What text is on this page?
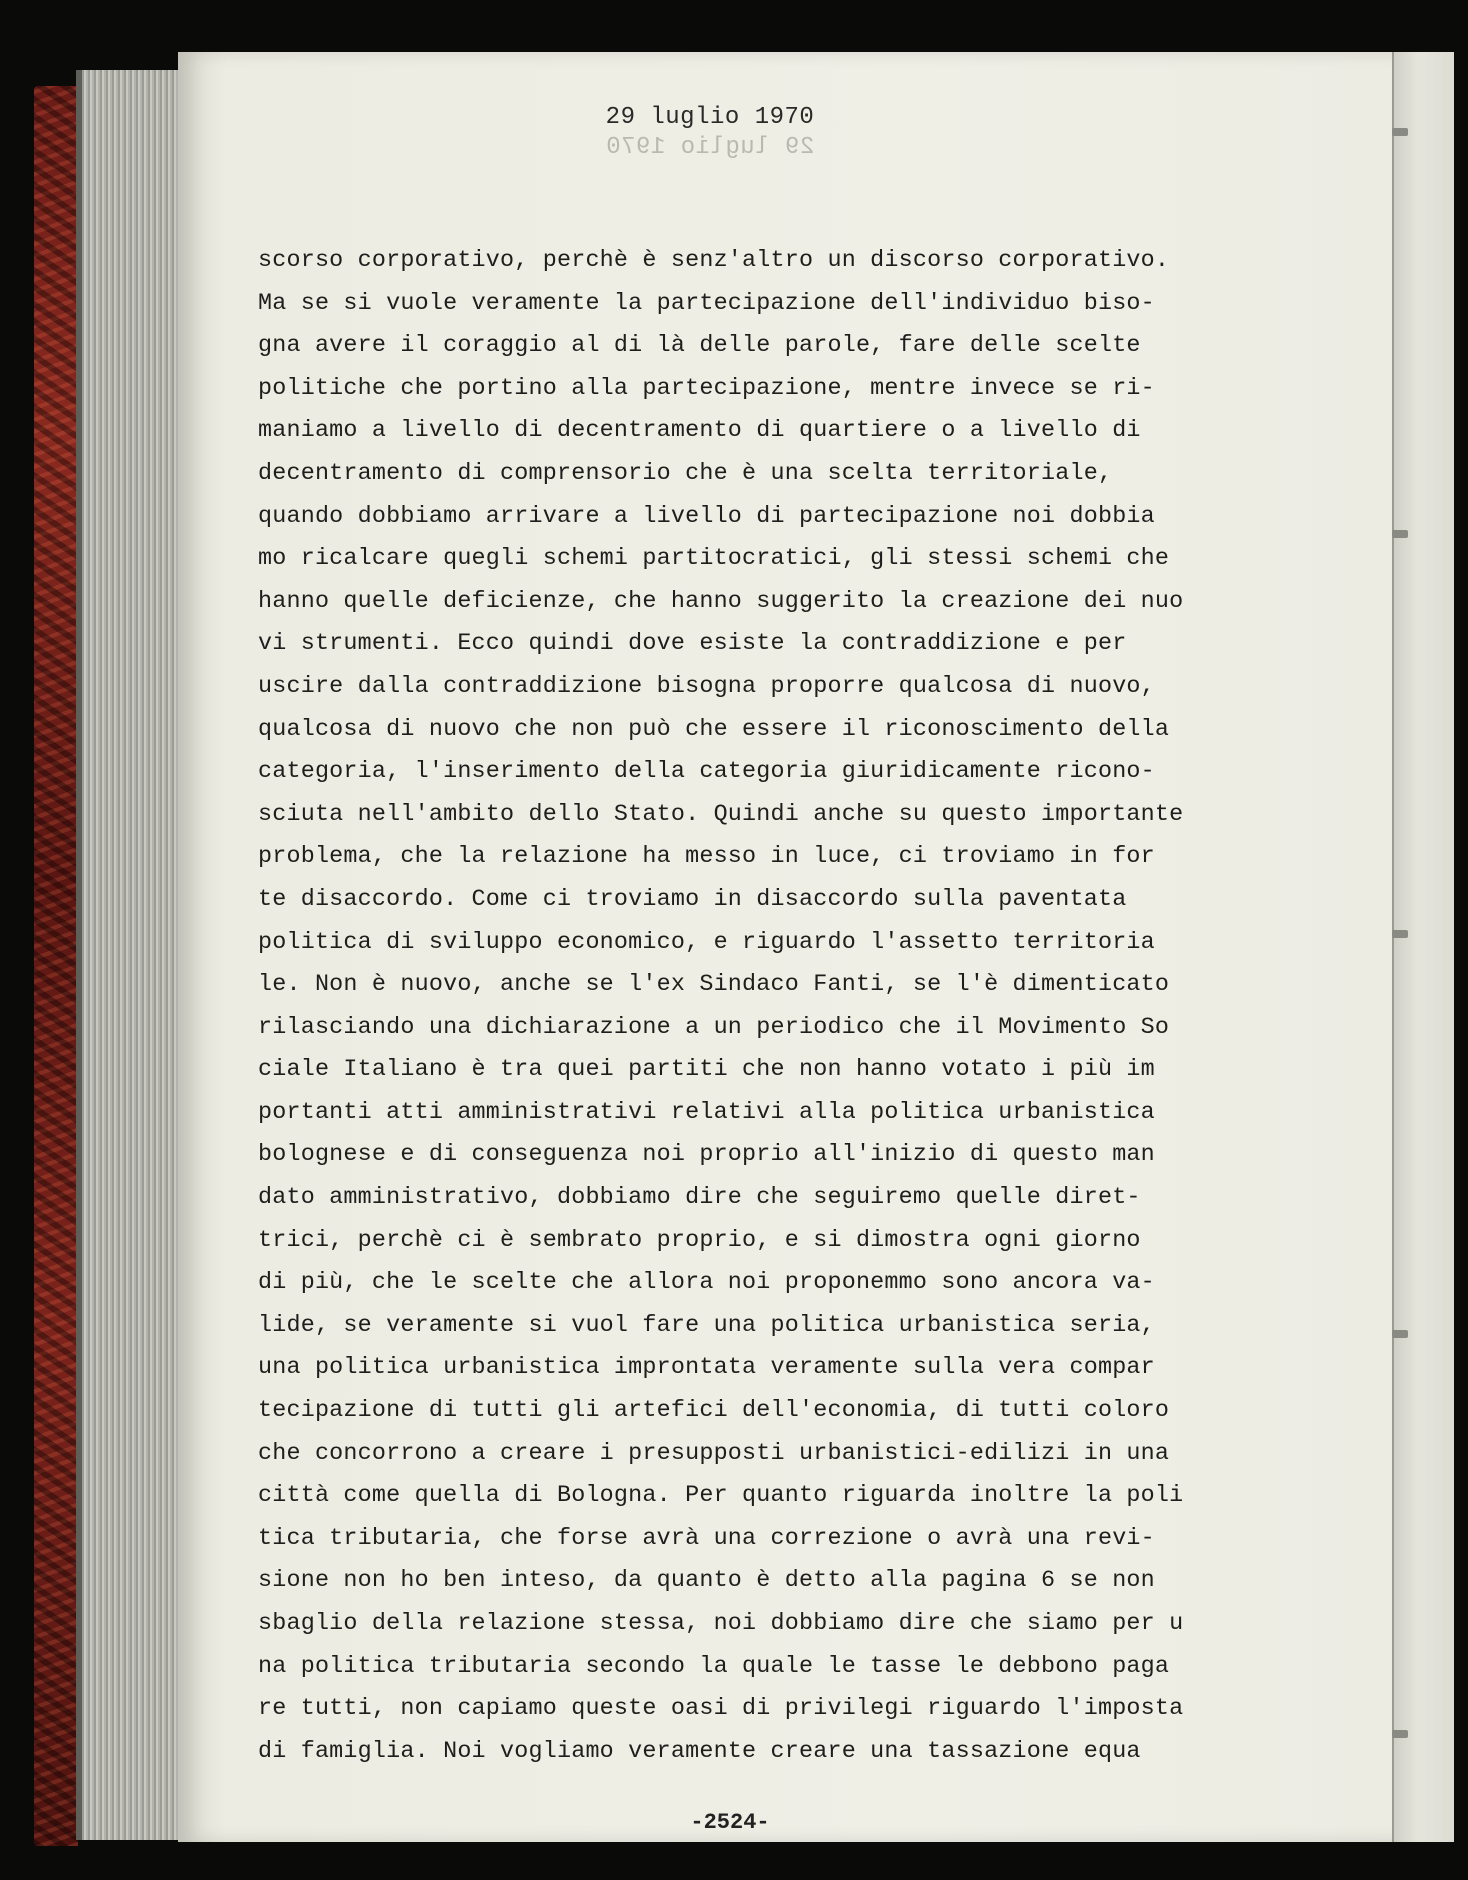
29 luglio 1970
29 luglio 1970
scorso corporativo, perchè è senz'altro un discorso corporativo.
Ma se si vuole veramente la partecipazione dell'individuo biso-
gna avere il coraggio al di là delle parole, fare delle scelte
politiche che portino alla partecipazione, mentre invece se ri-
maniamo a livello di decentramento di quartiere o a livello di
decentramento di comprensorio che è una scelta territoriale,
quando dobbiamo arrivare a livello di partecipazione noi dobbia
mo ricalcare quegli schemi partitocratici, gli stessi schemi che
hanno quelle deficienze, che hanno suggerito la creazione dei nuo
vi strumenti. Ecco quindi dove esiste la contraddizione e per
uscire dalla contraddizione bisogna proporre qualcosa di nuovo,
qualcosa di nuovo che non può che essere il riconoscimento della
categoria, l'inserimento della categoria giuridicamente ricono-
sciuta nell'ambito dello Stato. Quindi anche su questo importante
problema, che la relazione ha messo in luce, ci troviamo in for
te disaccordo. Come ci troviamo in disaccordo sulla paventata
politica di sviluppo economico, e riguardo l'assetto territoria
le. Non è nuovo, anche se l'ex Sindaco Fanti, se l'è dimenticato
rilasciando una dichiarazione a un periodico che il Movimento So
ciale Italiano è tra quei partiti che non hanno votato i più im
portanti atti amministrativi relativi alla politica urbanistica
bolognese e di conseguenza noi proprio all'inizio di questo man
dato amministrativo, dobbiamo dire che seguiremo quelle diret-
trici, perchè ci è sembrato proprio, e si dimostra ogni giorno
di più, che le scelte che allora noi proponemmo sono ancora va-
lide, se veramente si vuol fare una politica urbanistica seria,
una politica urbanistica improntata veramente sulla vera compar
tecipazione di tutti gli artefici dell'economia, di tutti coloro
che concorrono a creare i presupposti urbanistici-edilizi in una
città come quella di Bologna. Per quanto riguarda inoltre la poli
tica tributaria, che forse avrà una correzione o avrà una revi-
sione non ho ben inteso, da quanto è detto alla pagina 6 se non
sbaglio della relazione stessa, noi dobbiamo dire che siamo per u
na politica tributaria secondo la quale le tasse le debbono paga
re tutti, non capiamo queste oasi di privilegi riguardo l'imposta
di famiglia. Noi vogliamo veramente creare una tassazione equa
-2524-
